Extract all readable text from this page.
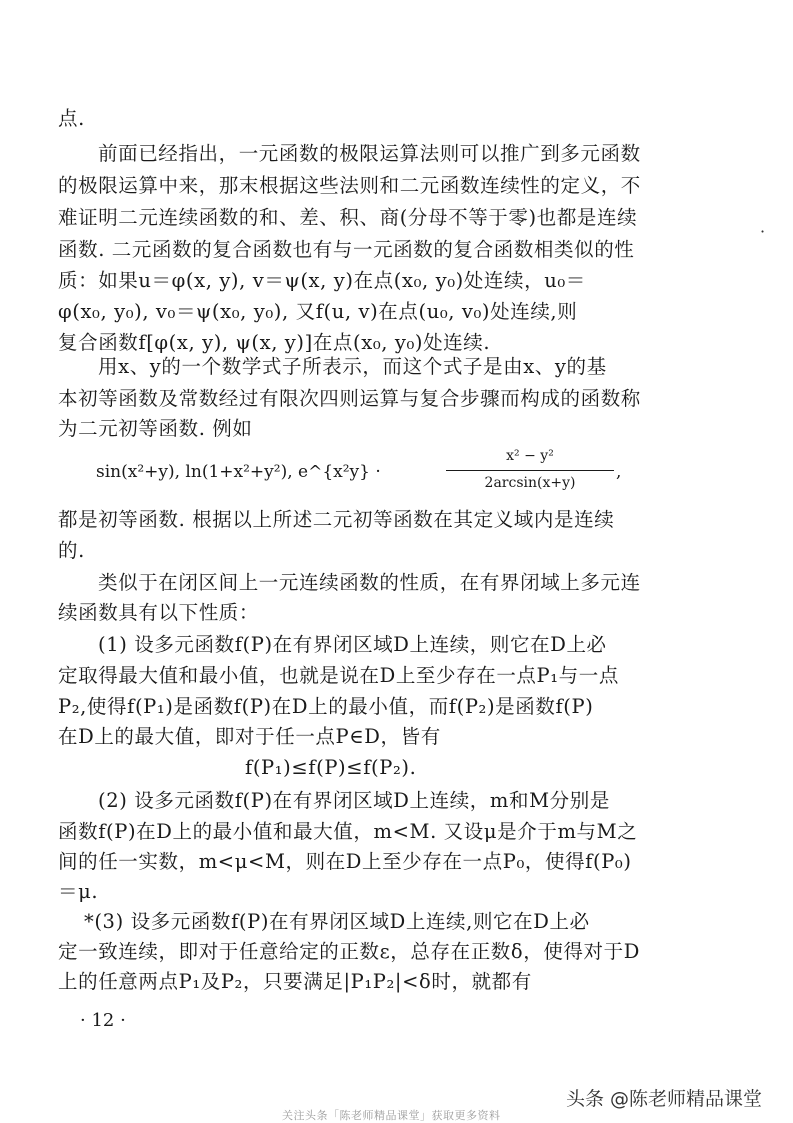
点.
前面已经指出，一元函数的极限运算法则可以推广到多元函数
的极限运算中来，那末根据这些法则和二元函数连续性的定义，不
难证明二元连续函数的和、差、积、商(分母不等于零)也都是连续
函数. 二元函数的复合函数也有与一元函数的复合函数相类似的性
质：如果u＝φ(x, y), v＝ψ(x, y)在点(x₀, y₀)处连续，u₀＝
φ(x₀, y₀), v₀＝ψ(x₀, y₀), 又f(u, v)在点(u₀, v₀)处连续,则
复合函数f[φ(x, y), ψ(x, y)]在点(x₀, y₀)处连续.
用x、y的一个数学式子所表示，而这个式子是由x、y的基
本初等函数及常数经过有限次四则运算与复合步骤而构成的函数称
为二元初等函数. 例如
sin(x²+y), ln(1+x²+y²), e^{x²y} ·
x² − y²
2arcsin(x+y)
,
都是初等函数. 根据以上所述二元初等函数在其定义域内是连续
的.
类似于在闭区间上一元连续函数的性质，在有界闭域上多元连
续函数具有以下性质：
(1) 设多元函数f(P)在有界闭区域D上连续，则它在D上必
定取得最大值和最小值，也就是说在D上至少存在一点P₁与一点
P₂,使得f(P₁)是函数f(P)在D上的最小值，而f(P₂)是函数f(P)
在D上的最大值，即对于任一点P∈D，皆有
f(P₁)≤f(P)≤f(P₂).
(2) 设多元函数f(P)在有界闭区域D上连续，m和M分别是
函数f(P)在D上的最小值和最大值，m<M. 又设μ是介于m与M之
间的任一实数，m<μ<M，则在D上至少存在一点P₀，使得f(P₀)
＝μ.
*(3) 设多元函数f(P)在有界闭区域D上连续,则它在D上必
定一致连续，即对于任意给定的正数ε，总存在正数δ，使得对于D
上的任意两点P₁及P₂，只要满足|P₁P₂|<δ时，就都有
·
· 12 ·
头条 @陈老师精品课堂
关注头条「陈老师精品课堂」获取更多资料
